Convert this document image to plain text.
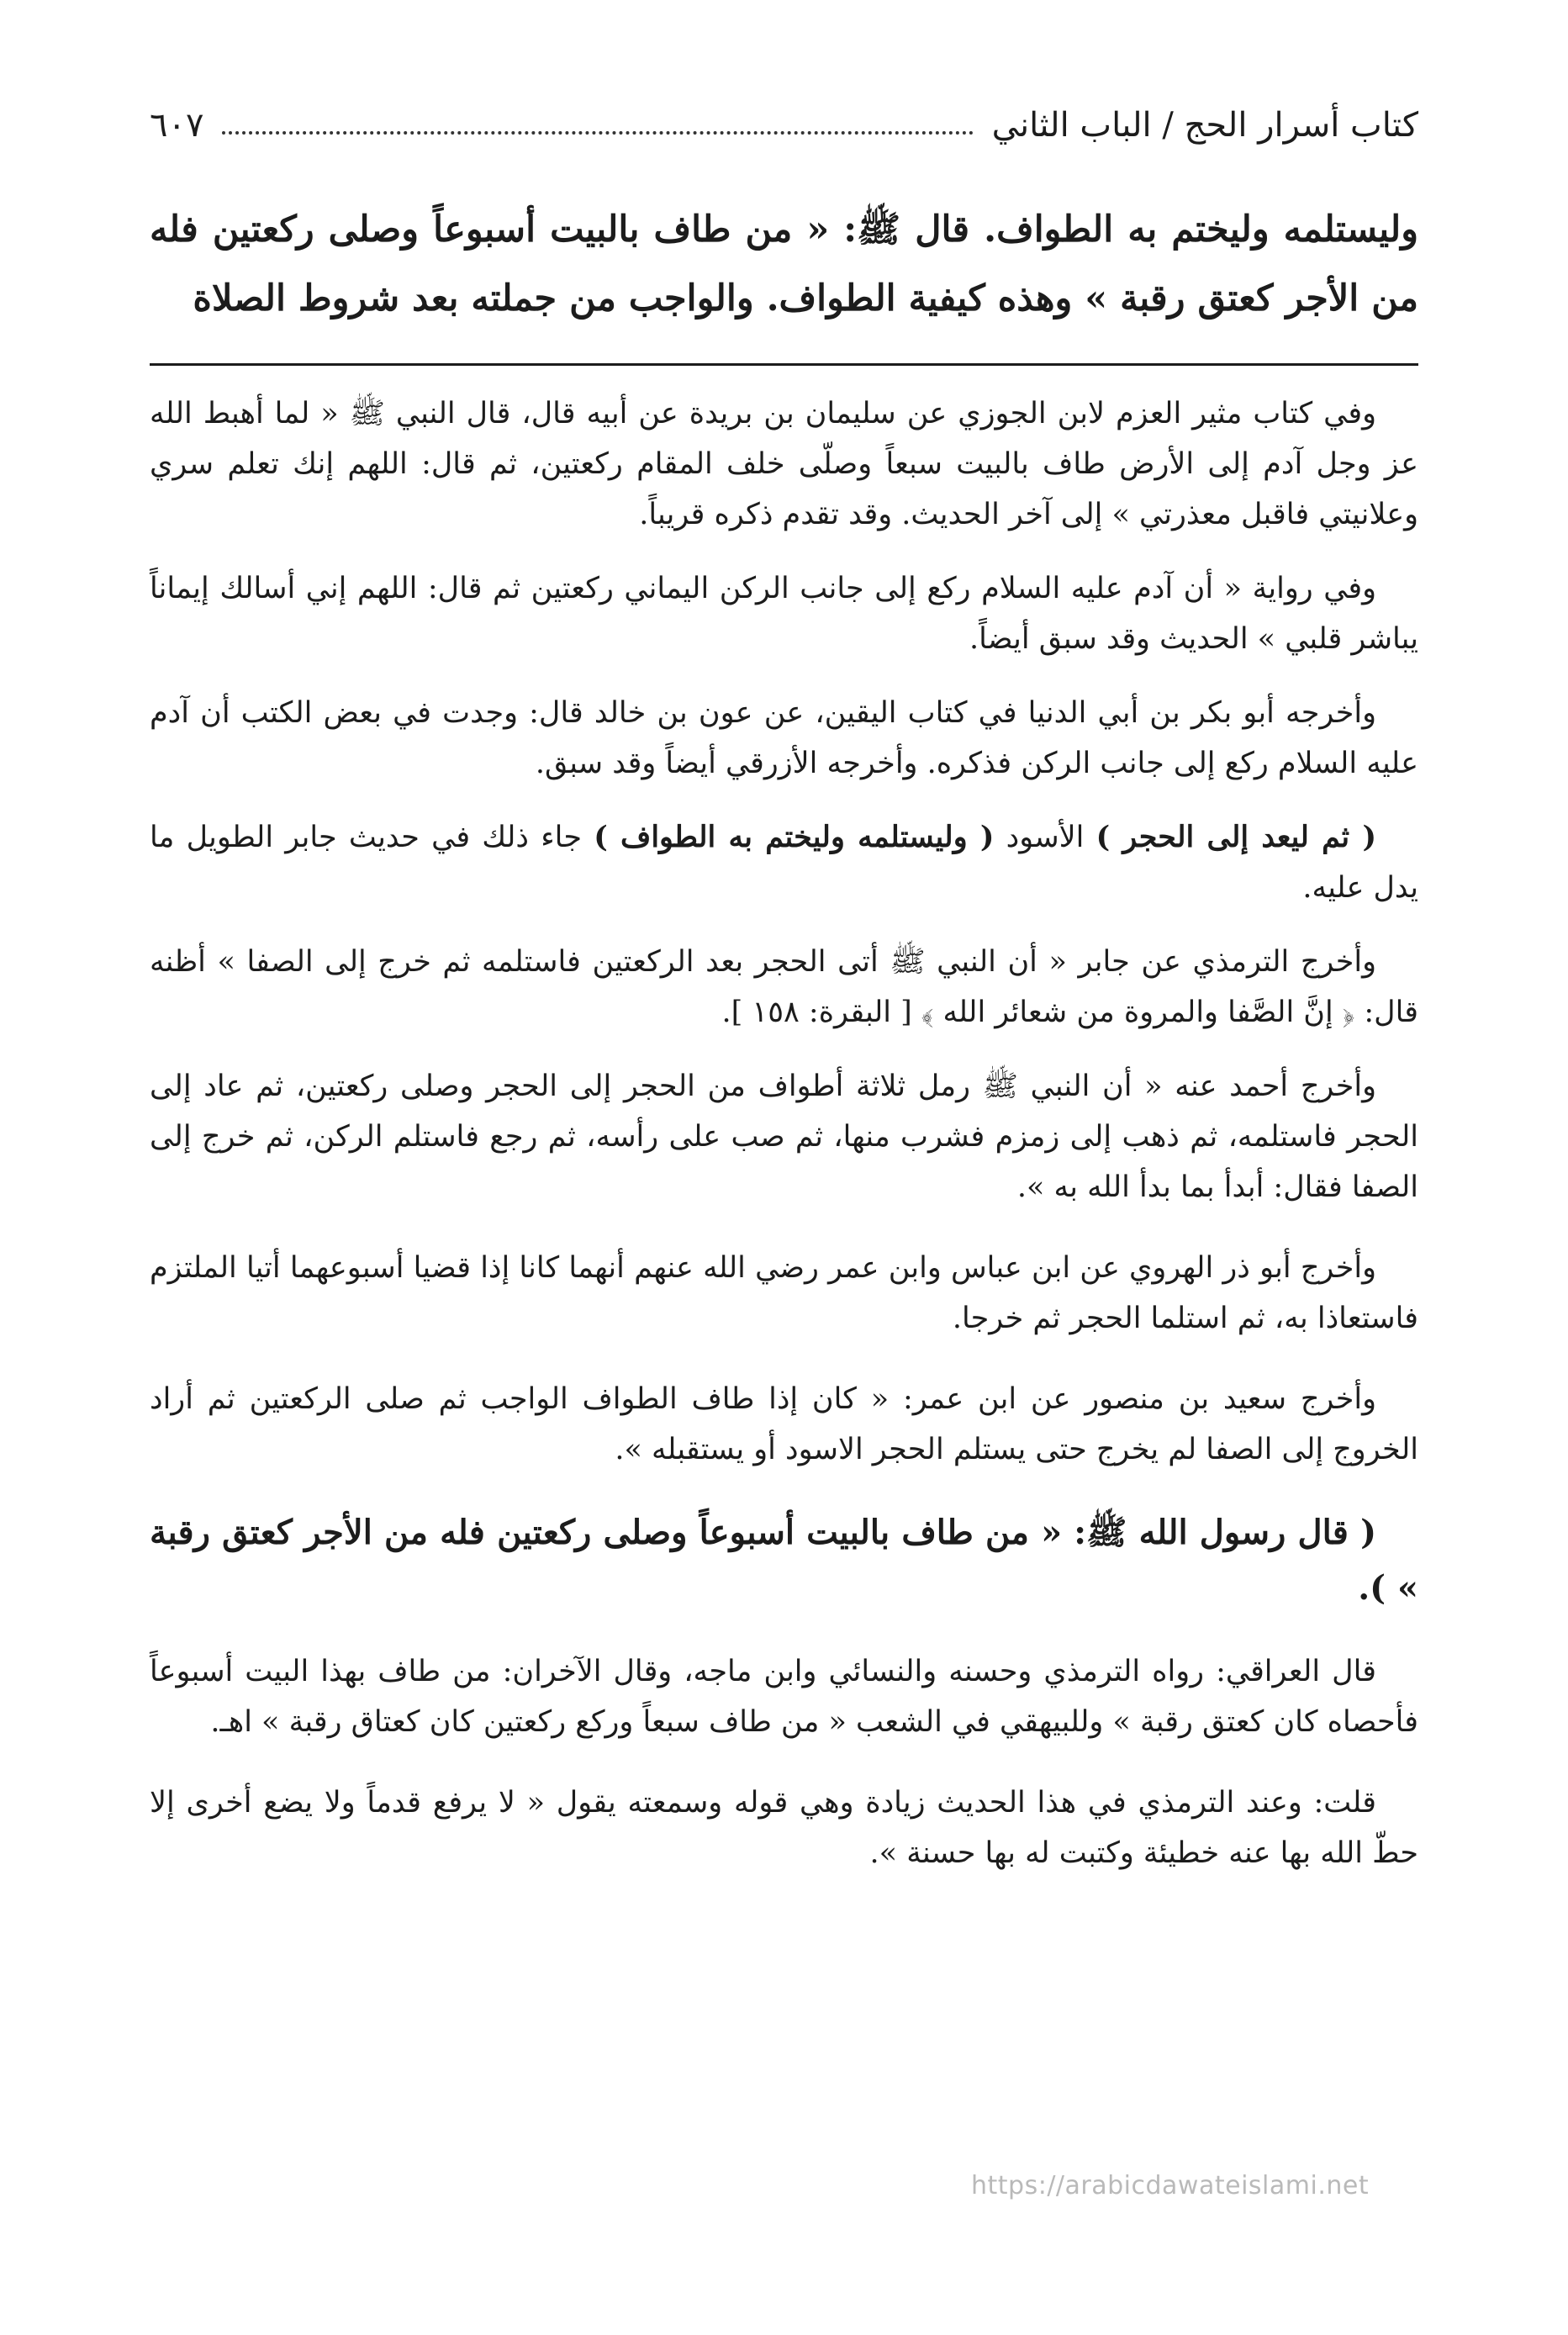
كتاب أسرار الحج / الباب الثاني
٦٠٧

وليستلمه وليختم به الطواف. قال ﷺ: « من طاف بالبيت أسبوعاً وصلى ركعتين فله من الأجر كعتق رقبة » وهذه كيفية الطواف. والواجب من جملته بعد شروط الصلاة

وفي كتاب مثير العزم لابن الجوزي عن سليمان بن بريدة عن أبيه قال، قال النبي ﷺ « لما أهبط الله عز وجل آدم إلى الأرض طاف بالبيت سبعاً وصلّى خلف المقام ركعتين، ثم قال: اللهم إنك تعلم سري وعلانيتي فاقبل معذرتي » إلى آخر الحديث. وقد تقدم ذكره قريباً.

وفي رواية « أن آدم عليه السلام ركع إلى جانب الركن اليماني ركعتين ثم قال: اللهم إني أسالك إيماناً يباشر قلبي » الحديث وقد سبق أيضاً.

وأخرجه أبو بكر بن أبي الدنيا في كتاب اليقين، عن عون بن خالد قال: وجدت في بعض الكتب أن آدم عليه السلام ركع إلى جانب الركن فذكره. وأخرجه الأزرقي أيضاً وقد سبق.

( ثم ليعد إلى الحجر ) الأسود ( وليستلمه وليختم به الطواف ) جاء ذلك في حديث جابر الطويل ما يدل عليه.

وأخرج الترمذي عن جابر « أن النبي ﷺ أتى الحجر بعد الركعتين فاستلمه ثم خرج إلى الصفا » أظنه قال: ﴿ إنَّ الصَّفا والمروة من شعائر الله ﴾ [ البقرة: ١٥٨ ].

وأخرج أحمد عنه « أن النبي ﷺ رمل ثلاثة أطواف من الحجر إلى الحجر وصلى ركعتين، ثم عاد إلى الحجر فاستلمه، ثم ذهب إلى زمزم فشرب منها، ثم صب على رأسه، ثم رجع فاستلم الركن، ثم خرج إلى الصفا فقال: أبدأ بما بدأ الله به ».

وأخرج أبو ذر الهروي عن ابن عباس وابن عمر رضي الله عنهم أنهما كانا إذا قضيا أسبوعهما أتيا الملتزم فاستعاذا به، ثم استلما الحجر ثم خرجا.

وأخرج سعيد بن منصور عن ابن عمر: « كان إذا طاف الطواف الواجب ثم صلى الركعتين ثم أراد الخروج إلى الصفا لم يخرج حتى يستلم الحجر الاسود أو يستقبله ».

( قال رسول الله ﷺ: « من طاف بالبيت أسبوعاً وصلى ركعتين فله من الأجر كعتق رقبة » ).

قال العراقي: رواه الترمذي وحسنه والنسائي وابن ماجه، وقال الآخران: من طاف بهذا البيت أسبوعاً فأحصاه كان كعتق رقبة » وللبيهقي في الشعب « من طاف سبعاً وركع ركعتين كان كعتاق رقبة » اهـ.

قلت: وعند الترمذي في هذا الحديث زيادة وهي قوله وسمعته يقول « لا يرفع قدماً ولا يضع أخرى إلا حطّ الله بها عنه خطيئة وكتبت له بها حسنة ».

https://arabicdawateislami.net
